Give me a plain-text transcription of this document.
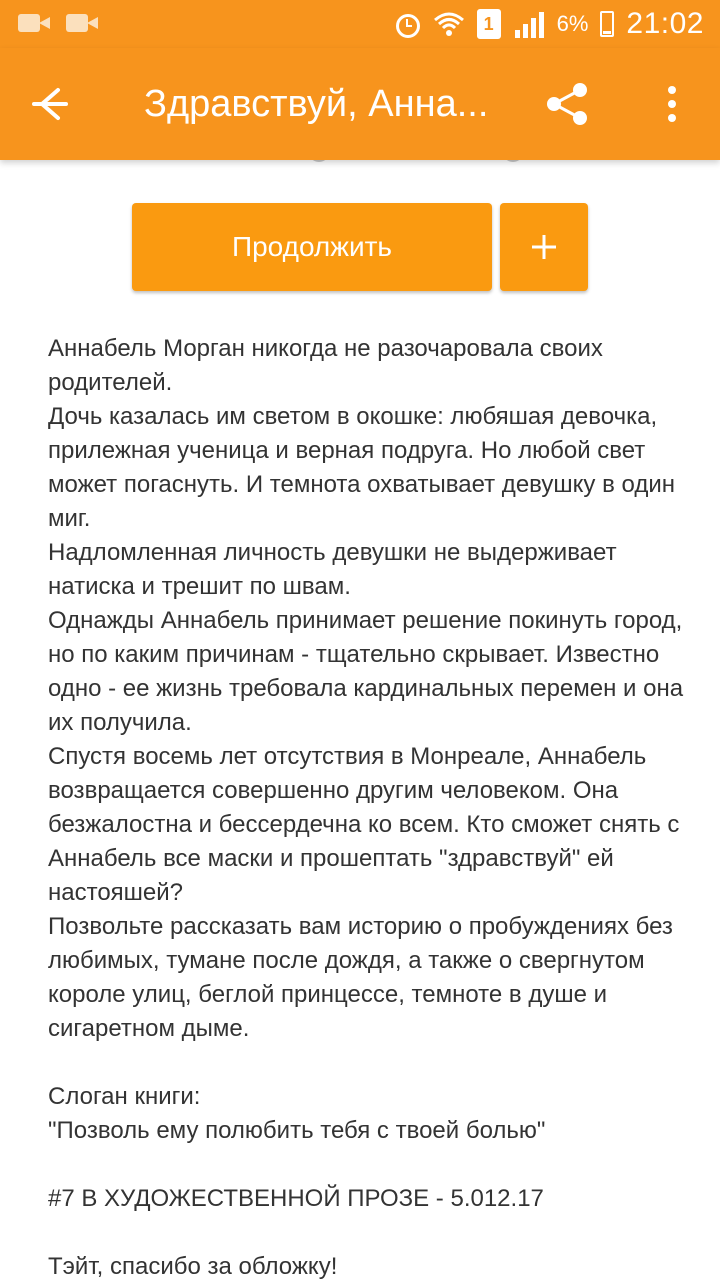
1	6% 21:02
Здравствуй, Анна...
Продолжить

Аннабель Морган никогда не разочаровала своих родителей.

Дочь казалась им светом в окошке: любяшая девочка, прилежная ученица и верная подруга. Но любой свет может погаснуть. И темнота охватывает девушку в один миг.

Надломленная личность девушки не выдерживает натиска и трешит по швам.

Однажды Аннабель принимает решение покинуть город, но по каким причинам - тщательно скрывает. Известно одно - ее жизнь требовала кардинальных перемен и она их получила.

Спустя восемь лет отсутствия в Монреале, Аннабель возвращается совершенно другим человеком. Она безжалостна и бессердечна ко всем. Кто сможет снять с Аннабель все маски и прошептать "здравствуй" ей настояшей?

Позвольте рассказать вам историю о пробуждениях без любимых, тумане после дождя, а также о свергнутом короле улиц, беглой принцессе, темноте в душе и сигаретном дыме.

Слоган книги:

"Позволь ему полюбить тебя с твоей болью"

#7 В ХУДОЖЕСТВЕННОЙ ПРОЗЕ - 5.012.17

Тэйт, спасибо за обложку!
